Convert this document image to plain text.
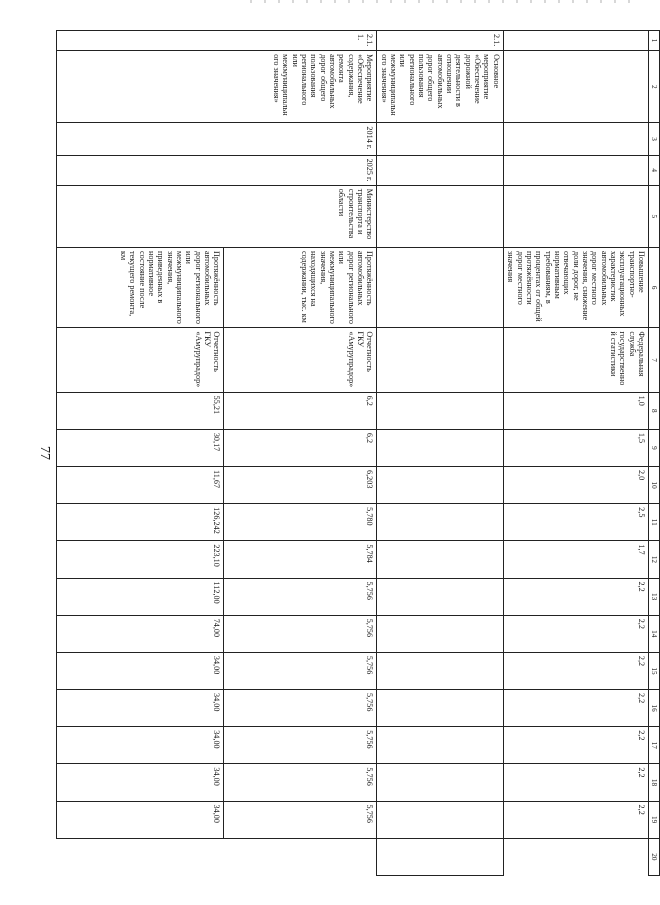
77
1	2	3	4	5	6	7	8	9	10	11	12	13	14	15	16	17	18	19	20
					Повышение транспортно-эксплуатационных характеристик автомобильных дорог местного значения, снижение доли дорог, не отвечающих нормативным требованиям, в процентах от общей протяжённости дорог местного значения	Федеральная служба государственной статистики	1,0	1,5	2,0	2,5	1,7	2,2	2,2	2,2	2,2	2,2	2,2	2,2	
2.1.	Основное мероприятие «Обеспечение дорожной деятельности в отношении автомобильных дорог общего пользования регионального или межмуниципального значения»																		
2.1.1.	Мероприятие «Обеспечение содержания, ремонта автомобильных дорог общего пользования регионального или межмуниципального значения»	2014 г.	2025 г.	Министерство транспорта и строительства области	Протяжённость автомобильных дорог регионального или межмуниципального значения, находящихся на содержании, тыс. км	Отчетность ГКУ «Амурупрадор»	6,2	6,2	6,203	5,780	5,784	5,756	5,756	5,756	5,756	5,756	5,756	5,756	
					Протяжённость автомобильных дорог регионального или межмуниципального значения, приведенных в нормативное состояние после текущего ремонта, км	Отчетность ГКУ «Амурупрадор»	55,21	30,17	11,67	126,242	223,10	112,00	74,00	34,00	34,00	34,00	34,00	34,00	
